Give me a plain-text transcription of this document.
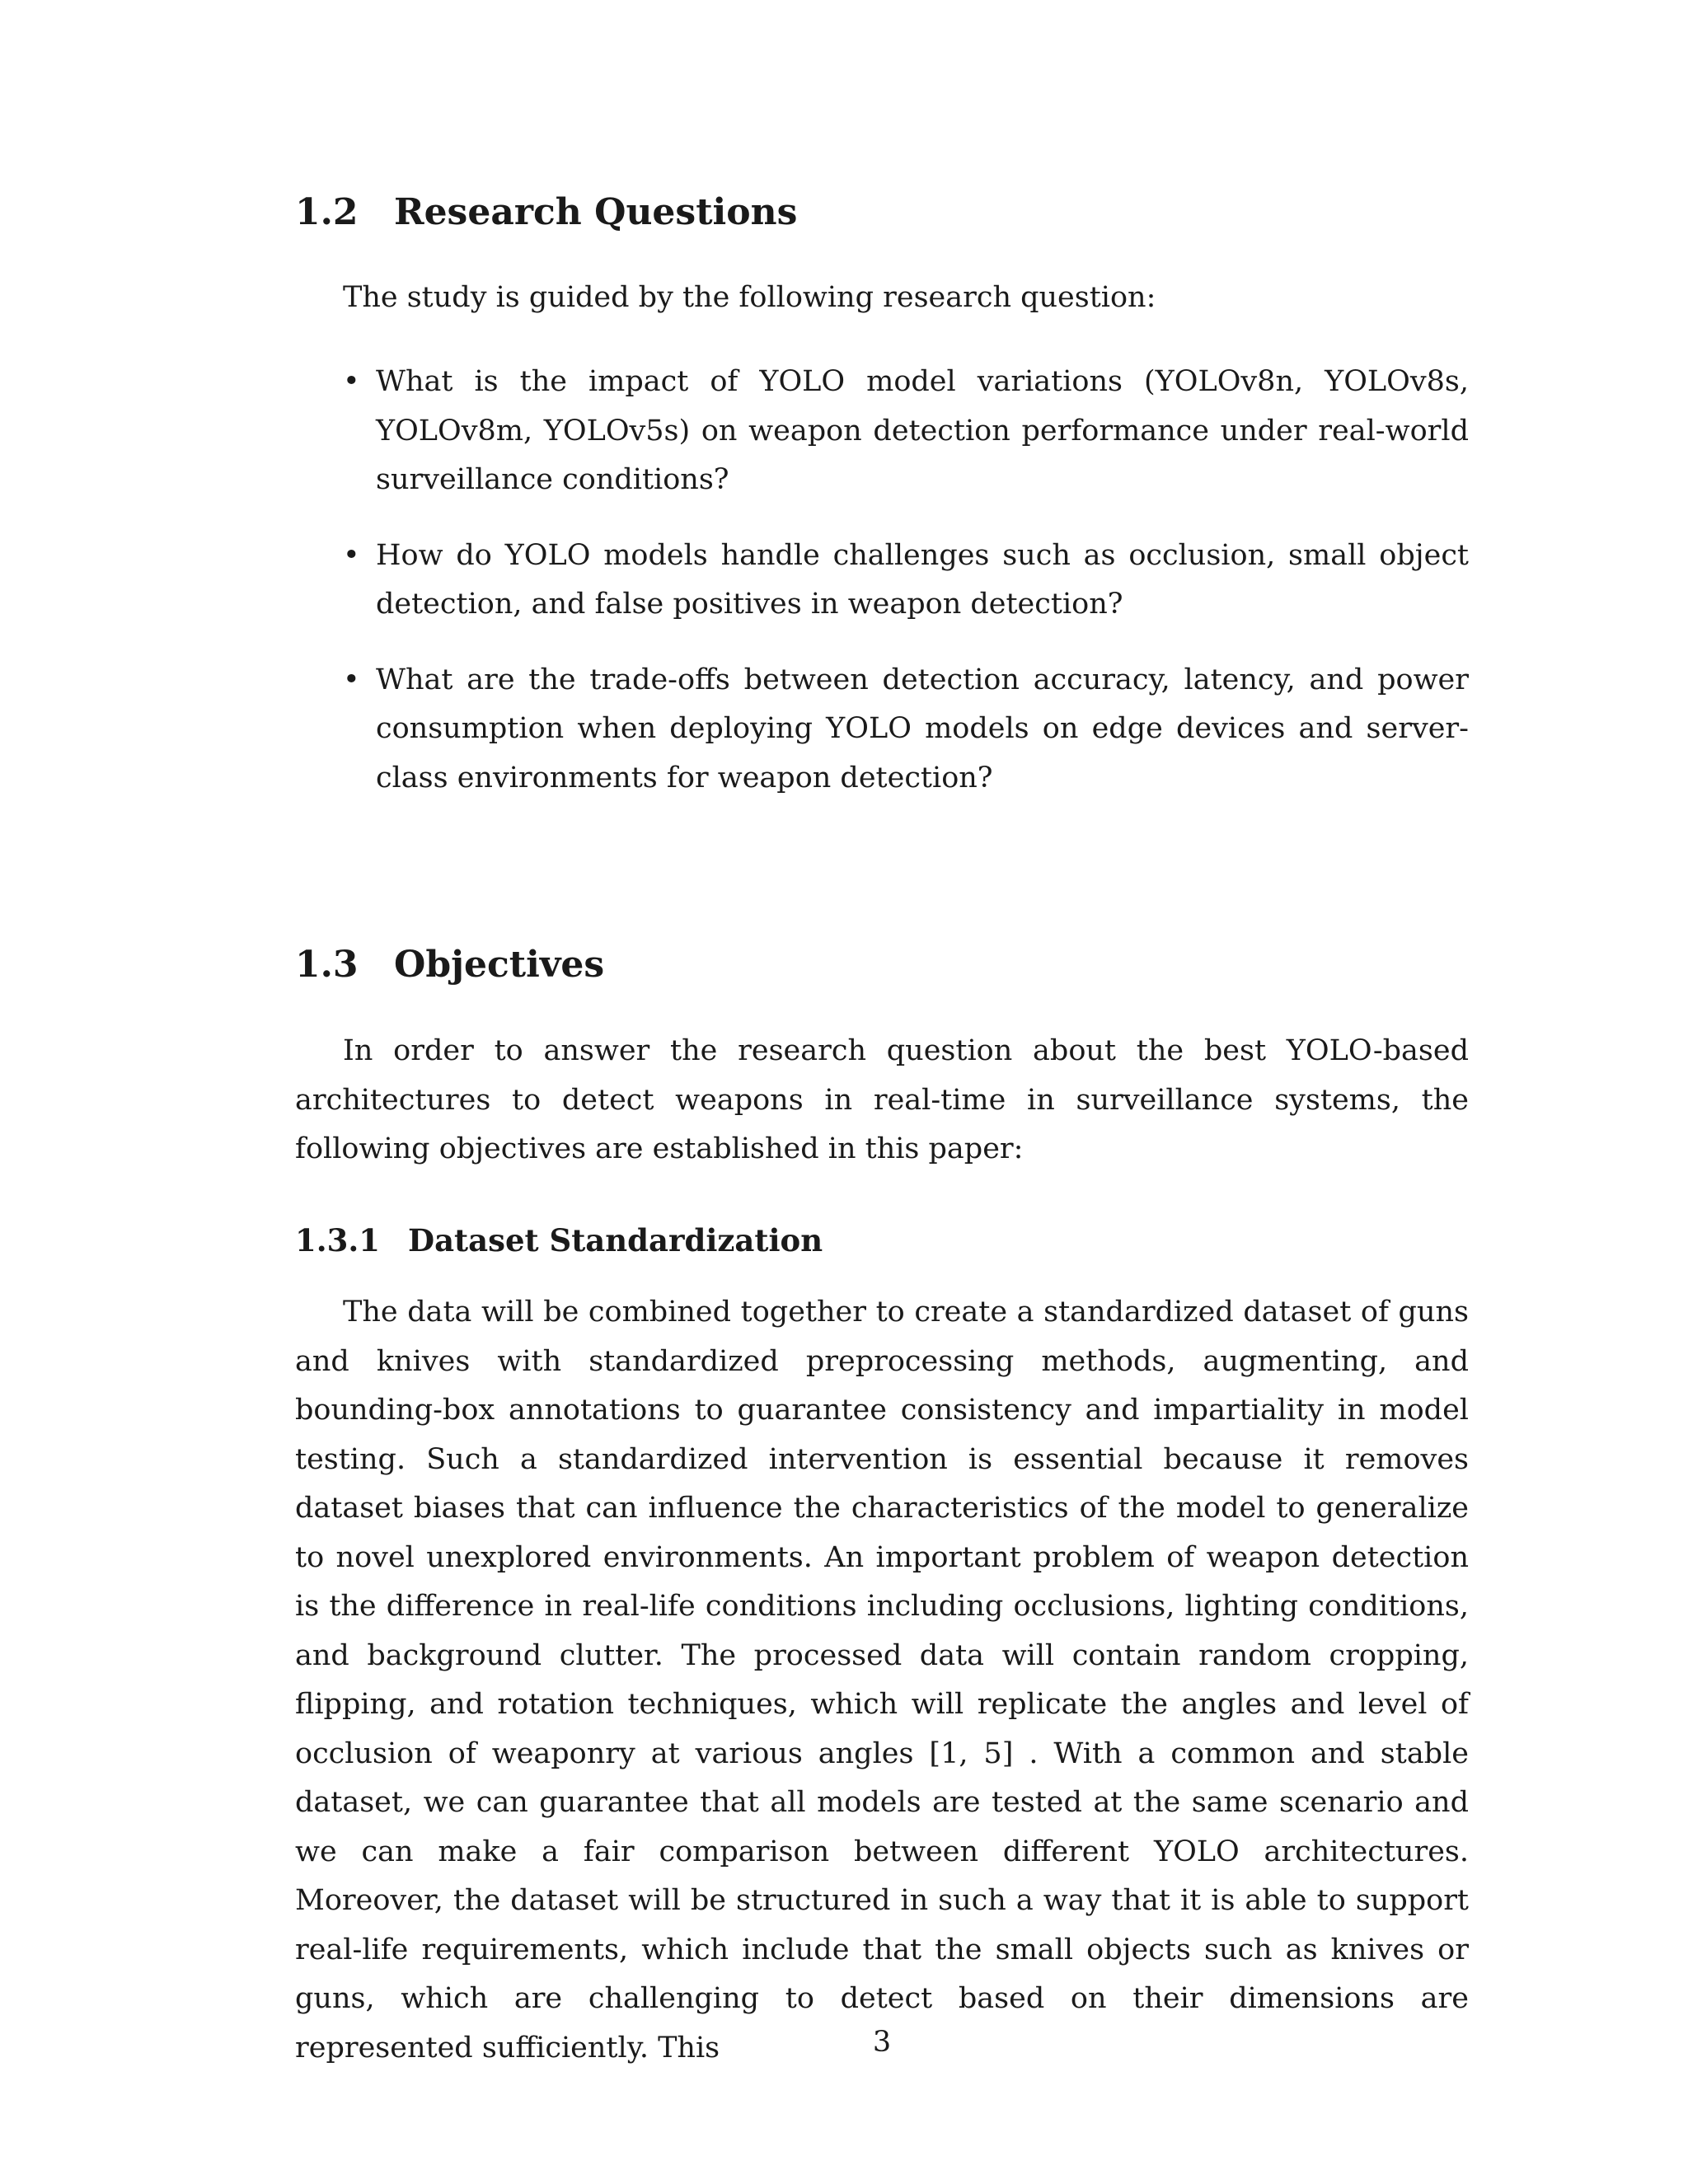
1.2 Research Questions

The study is guided by the following research question:

• What is the impact of YOLO model variations (YOLOv8n, YOLOv8s, YOLOv8m, YOLOv5s) on weapon detection performance under real-world surveillance conditions?
• How do YOLO models handle challenges such as occlusion, small object detection, and false positives in weapon detection?
• What are the trade-offs between detection accuracy, latency, and power consumption when deploying YOLO models on edge devices and server-class environments for weapon detection?
1.3 Objectives

In order to answer the research question about the best YOLO-based architectures to detect weapons in real-time in surveillance systems, the following objectives are established in this paper:

1.3.1 Dataset Standardization

The data will be combined together to create a standardized dataset of guns and knives with standardized preprocessing methods, augmenting, and bounding-box annotations to guarantee consistency and impartiality in model testing. Such a standardized intervention is essential because it removes dataset biases that can influence the characteristics of the model to generalize to novel unexplored environments. An important problem of weapon detection is the difference in real-life conditions including occlusions, lighting conditions, and background clutter. The processed data will contain random cropping, flipping, and rotation techniques, which will replicate the angles and level of occlusion of weaponry at various angles [1, 5] . With a common and stable dataset, we can guarantee that all models are tested at the same scenario and we can make a fair comparison between different YOLO architectures. Moreover, the dataset will be structured in such a way that it is able to support real-life requirements, which include that the small objects such as knives or guns, which are challenging to detect based on their dimensions are represented sufficiently. This	3
